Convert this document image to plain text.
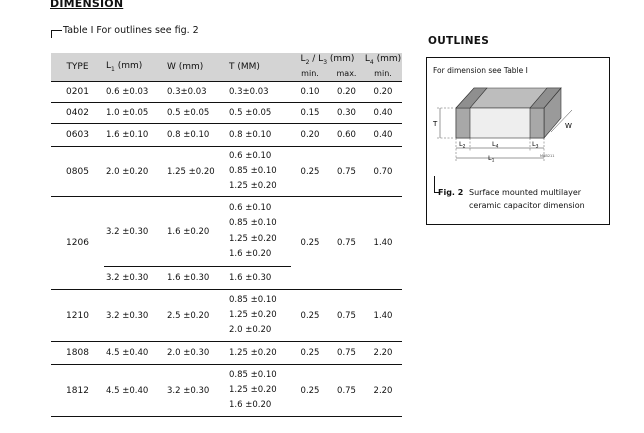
DIMENSION
Table I For outlines see fig. 2
TYPE	$L_1$ (mm)	W (mm)	T (MM)	$L_2 / L_3$ (mm)		$L_4$ (mm)
				min.	max.	min.
0201	0.6 ±0.03	0.3±0.03	0.3±0.03	0.10	0.20	0.20
0402	1.0 ±0.05	0.5 ±0.05	0.5 ±0.05	0.15	0.30	0.40
0603	1.6 ±0.10	0.8 ±0.10	0.8 ±0.10	0.20	0.60	0.40
0805	2.0 ±0.20	1.25 ±0.20	0.6 ±0.10
0.85 ±0.10
1.25 ±0.20	0.25	0.75	0.70
1206	3.2 ±0.30	1.6 ±0.20	0.6 ±0.10
0.85 ±0.10
1.25 ±0.20
1.6 ±0.20	0.25	0.75	1.40
	3.2 ±0.30	1.6 ±0.30	1.6 ±0.30			
1210	3.2 ±0.30	2.5 ±0.20	0.85 ±0.10
1.25 ±0.20
2.0 ±0.20	0.25	0.75	1.40
1808	4.5 ±0.40	2.0 ±0.30	1.25 ±0.20	0.25	0.75	2.20
1812	4.5 ±0.40	3.2 ±0.30	0.85 ±0.10
1.25 ±0.20
1.6 ±0.20	0.25	0.75	2.20
OUTLINES
For dimension see Table I
T	W
$L_2$	$L_4$	$L_3$
$L_1$
MBB211
Fig. 2 Surface mounted multilayer
ceramic capacitor dimension
